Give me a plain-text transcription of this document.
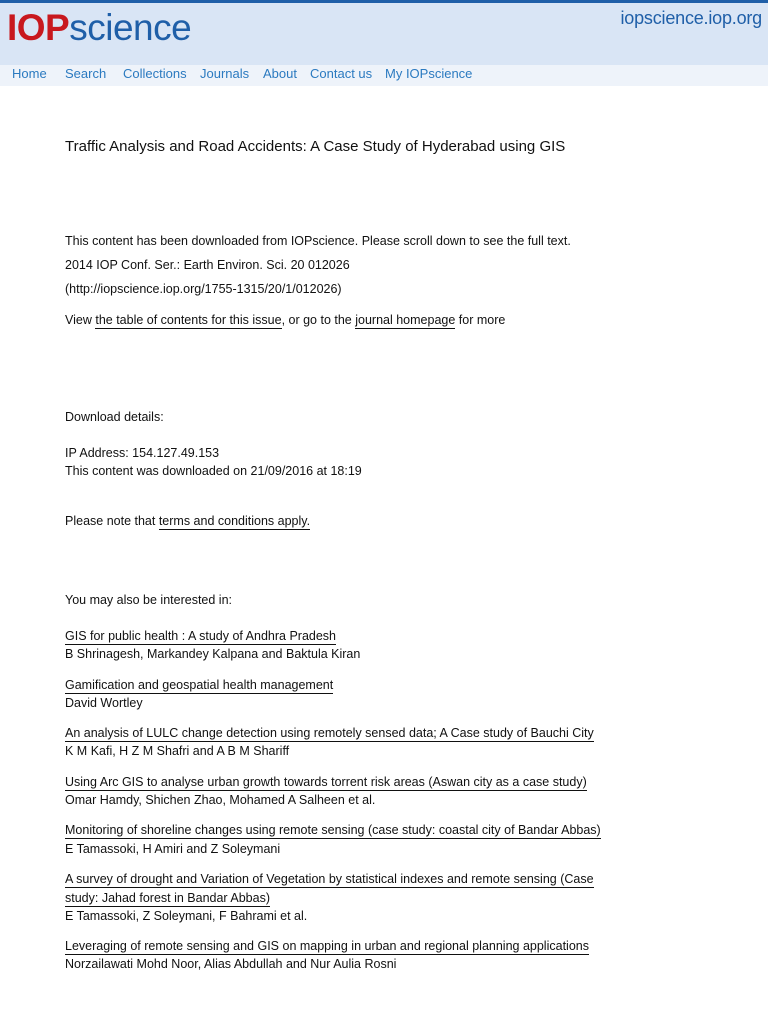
IOPscience	iopscience.iop.org
Home Search Collections Journals About Contact us My IOPscience
Traffic Analysis and Road Accidents: A Case Study of Hyderabad using GIS
This content has been downloaded from IOPscience. Please scroll down to see the full text.
2014 IOP Conf. Ser.: Earth Environ. Sci. 20 012026
(http://iopscience.iop.org/1755-1315/20/1/012026)
View the table of contents for this issue, or go to the journal homepage for more
Download details:
IP Address: 154.127.49.153
This content was downloaded on 21/09/2016 at 18:19
Please note that terms and conditions apply.
You may also be interested in:
GIS for public health : A study of Andhra Pradesh
B Shrinagesh, Markandey Kalpana and Baktula Kiran
Gamification and geospatial health management
David Wortley
An analysis of LULC change detection using remotely sensed data; A Case study of Bauchi City
K M Kafi, H Z M Shafri and A B M Shariff
Using Arc GIS to analyse urban growth towards torrent risk areas (Aswan city as a case study)
Omar Hamdy, Shichen Zhao, Mohamed A Salheen et al.
Monitoring of shoreline changes using remote sensing (case study: coastal city of Bandar Abbas)
E Tamassoki, H Amiri and Z Soleymani
A survey of drought and Variation of Vegetation by statistical indexes and remote sensing (Case
study: Jahad forest in Bandar Abbas)
E Tamassoki, Z Soleymani, F Bahrami et al.
Leveraging of remote sensing and GIS on mapping in urban and regional planning applications
Norzailawati Mohd Noor, Alias Abdullah and Nur Aulia Rosni
